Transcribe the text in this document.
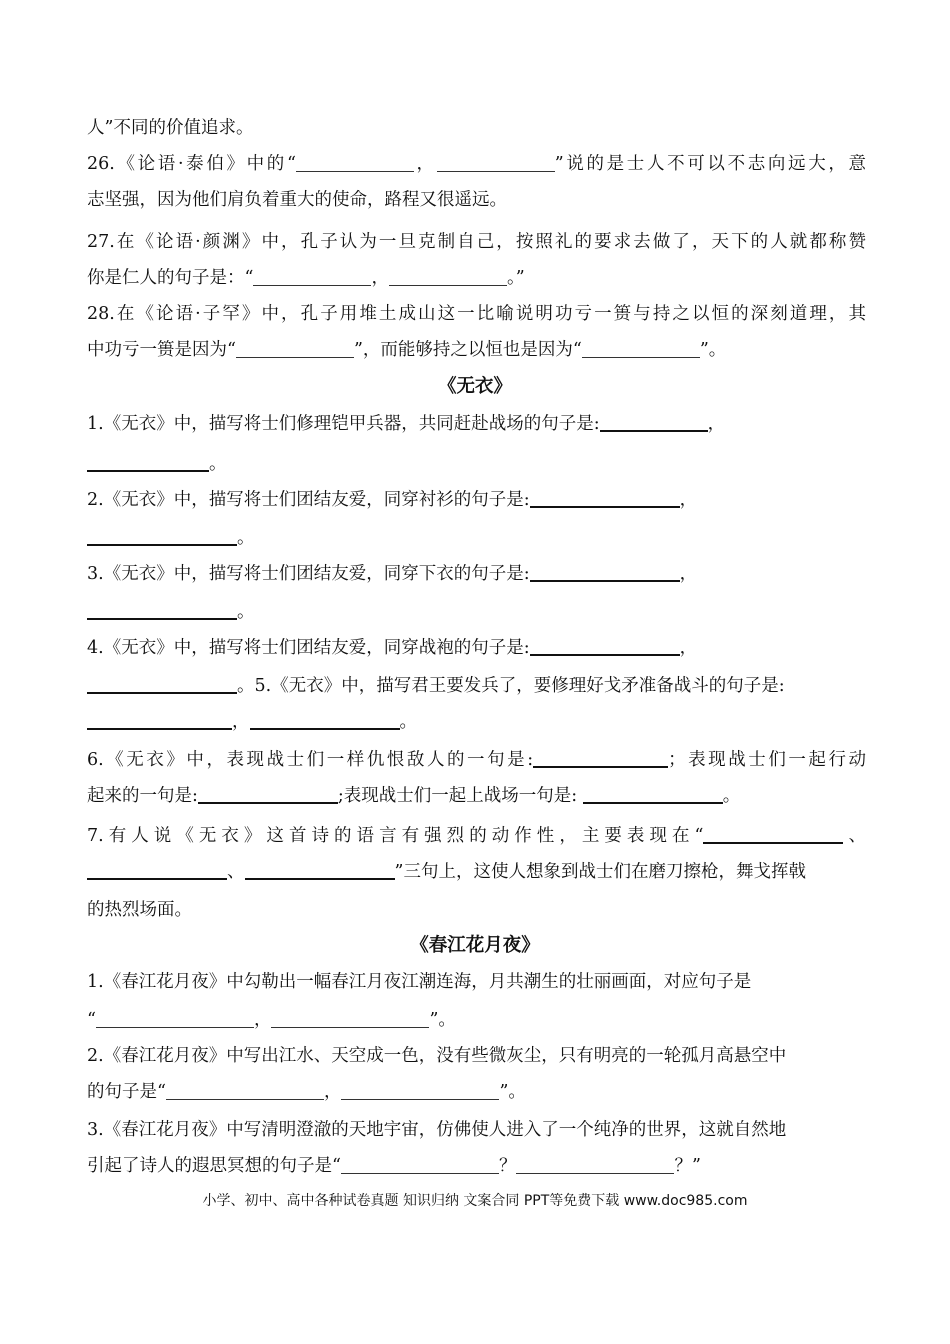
人”不同的价值追求。
26.《论语·泰伯》中的“	，	”说的是士人不可以不志向远大，意
志坚强，因为他们肩负着重大的使命，路程又很遥远。
27.在《论语·颜渊》中，孔子认为一旦克制自己，按照礼的要求去做了，天下的人就都称赞
你是仁人的句子是：“	，	。”
28.在《论语·子罕》中，孔子用堆土成山这一比喻说明功亏一篑与持之以恒的深刻道理，其
中功亏一篑是因为“	”，而能够持之以恒也是因为“	”。
1.《无衣》中，描写将士们修理铠甲兵器，共同赶赴战场的句子是:	，
。
2.《无衣》中，描写将士们团结友爱，同穿衬衫的句子是:	，
。
3.《无衣》中，描写将士们团结友爱，同穿下衣的句子是:	，
。
4.《无衣》中，描写将士们团结友爱，同穿战袍的句子是:	，
。5.《无衣》中，描写君王要发兵了，要修理好戈矛准备战斗的句子是:
，	。
6.《无衣》中，表现战士们一样仇恨敌人的一句是:	；表现战士们一起行动
起来的一句是:	;表现战士们一起上战场一句是:	。
7.有人说《无衣》这首诗的语言有强烈的动作性，主要表现在“	、
、	”三句上，这使人想象到战士们在磨刀擦枪，舞戈挥戟
的热烈场面。
1.《春江花月夜》中勾勒出一幅春江月夜江潮连海，月共潮生的壮丽画面，对应句子是
“	，	”。
2.《春江花月夜》中写出江水、天空成一色，没有些微灰尘，只有明亮的一轮孤月高悬空中
的句子是“	，	”。
3.《春江花月夜》中写清明澄澈的天地宇宙，仿佛使人进入了一个纯净的世界，这就自然地
引起了诗人的遐思冥想的句子是“	？	？”
《无衣》
《春江花月夜》
小学、初中、高中各种试卷真题 知识归纳 文案合同 PPT等免费下载 www.doc985.com
